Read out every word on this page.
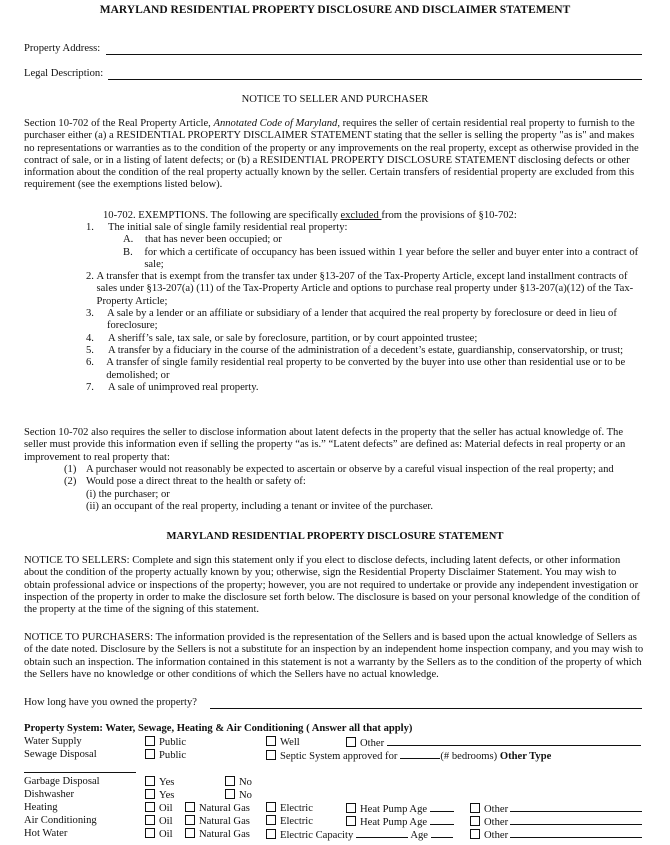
MARYLAND RESIDENTIAL PROPERTY DISCLOSURE AND DISCLAIMER STATEMENT
Property Address:
Legal Description:
NOTICE TO SELLER AND PURCHASER
Section 10-702 of the Real Property Article, Annotated Code of Maryland, requires the seller of certain residential real property to furnish to the purchaser either (a) a RESIDENTIAL PROPERTY DISCLAIMER STATEMENT stating that the seller is selling the property "as is" and makes no representations or warranties as to the condition of the property or any improvements on the real property, except as otherwise provided in the contract of sale, or in a listing of latent defects; or (b) a RESIDENTIAL PROPERTY DISCLOSURE STATEMENT disclosing defects or other information about the condition of the real property actually known by the seller. Certain transfers of residential property are excluded from this requirement (see the exemptions listed below).
10-702. EXEMPTIONS. The following are specifically excluded from the provisions of §10-702:
1.	The initial sale of single family residential real property:
A.	that has never been occupied; or
B.	for which a certificate of occupancy has been issued within 1 year before the seller and buyer enter into a contract of sale;
2. A transfer that is exempt from the transfer tax under §13-207 of the Tax-Property Article, except land installment contracts of sales under §13-207(a) (11) of the Tax-Property Article and options to purchase real property under §13-207(a)(12) of the Tax-Property Article;
3.	A sale by a lender or an affiliate or subsidiary of a lender that acquired the real property by foreclosure or deed in lieu of foreclosure;
4.	A sheriff’s sale, tax sale, or sale by foreclosure, partition, or by court appointed trustee;
5.	A transfer by a fiduciary in the course of the administration of a decedent’s estate, guardianship, conservatorship, or trust;
6.	A transfer of single family residential real property to be converted by the buyer into use other than residential use or to be demolished; or
7.	A sale of unimproved real property.
Section 10-702 also requires the seller to disclose information about latent defects in the property that the seller has actual knowledge of. The seller must provide this information even if selling the property “as is.” “Latent defects” are defined as: Material defects in real property or an improvement to real property that:
(1) A purchaser would not reasonably be expected to ascertain or observe by a careful visual inspection of the real property; and
(2) Would pose a direct threat to the health or safety of:
(i) the purchaser; or
(ii) an occupant of the real property, including a tenant or invitee of the purchaser.
MARYLAND RESIDENTIAL PROPERTY DISCLOSURE STATEMENT
NOTICE TO SELLERS: Complete and sign this statement only if you elect to disclose defects, including latent defects, or other information about the condition of the property actually known by you; otherwise, sign the Residential Property Disclaimer Statement. You may wish to obtain professional advice or inspections of the property; however, you are not required to undertake or provide any independent investigation or inspection of the property in order to make the disclosure set forth below. The disclosure is based on your personal knowledge of the condition of the property at the time of the signing of this statement.
NOTICE TO PURCHASERS: The information provided is the representation of the Sellers and is based upon the actual knowledge of Sellers as of the date noted. Disclosure by the Sellers is not a substitute for an inspection by an independent home inspection company, and you may wish to obtain such an inspection. The information contained in this statement is not a warranty by the Sellers as to the condition of the property of which the Sellers have no knowledge or other conditions of which the Sellers have no actual knowledge.
How long have you owned the property?
Property System: Water, Sewage, Heating & Air Conditioning ( Answer all that apply)
Water Supply	Public	Well	Other
Sewage Disposal	Public	Septic System approved for	(# bedrooms) Other Type
Garbage Disposal	Yes	No
Dishwasher	Yes	No
Heating	Oil	Natural Gas	Electric	Heat Pump Age	Other
Air Conditioning	Oil	Natural Gas	Electric	Heat Pump Age	Other
Hot Water	Oil	Natural Gas	Electric Capacity	Age	Other
